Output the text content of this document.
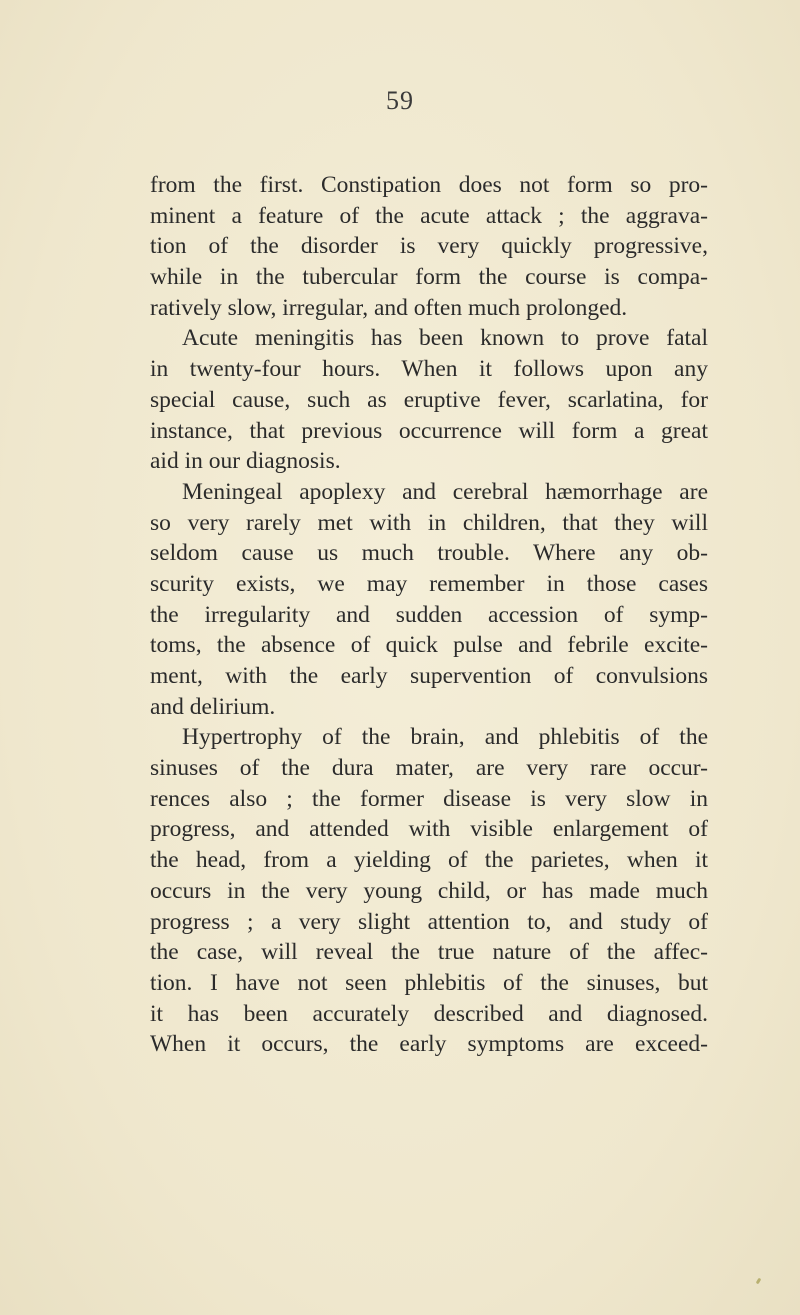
59
from the first. Constipation does not form so pro-
minent a feature of the acute attack ; the aggrava-
tion of the disorder is very quickly progressive,
while in the tubercular form the course is compa-
ratively slow, irregular, and often much prolonged.
Acute meningitis has been known to prove fatal
in twenty-four hours. When it follows upon any
special cause, such as eruptive fever, scarlatina, for
instance, that previous occurrence will form a great
aid in our diagnosis.
Meningeal apoplexy and cerebral hæmorrhage are
so very rarely met with in children, that they will
seldom cause us much trouble. Where any ob-
scurity exists, we may remember in those cases
the irregularity and sudden accession of symp-
toms, the absence of quick pulse and febrile excite-
ment, with the early supervention of convulsions
and delirium.
Hypertrophy of the brain, and phlebitis of the
sinuses of the dura mater, are very rare occur-
rences also ; the former disease is very slow in
progress, and attended with visible enlargement of
the head, from a yielding of the parietes, when it
occurs in the very young child, or has made much
progress ; a very slight attention to, and study of
the case, will reveal the true nature of the affec-
tion. I have not seen phlebitis of the sinuses, but
it has been accurately described and diagnosed.
When it occurs, the early symptoms are exceed-
